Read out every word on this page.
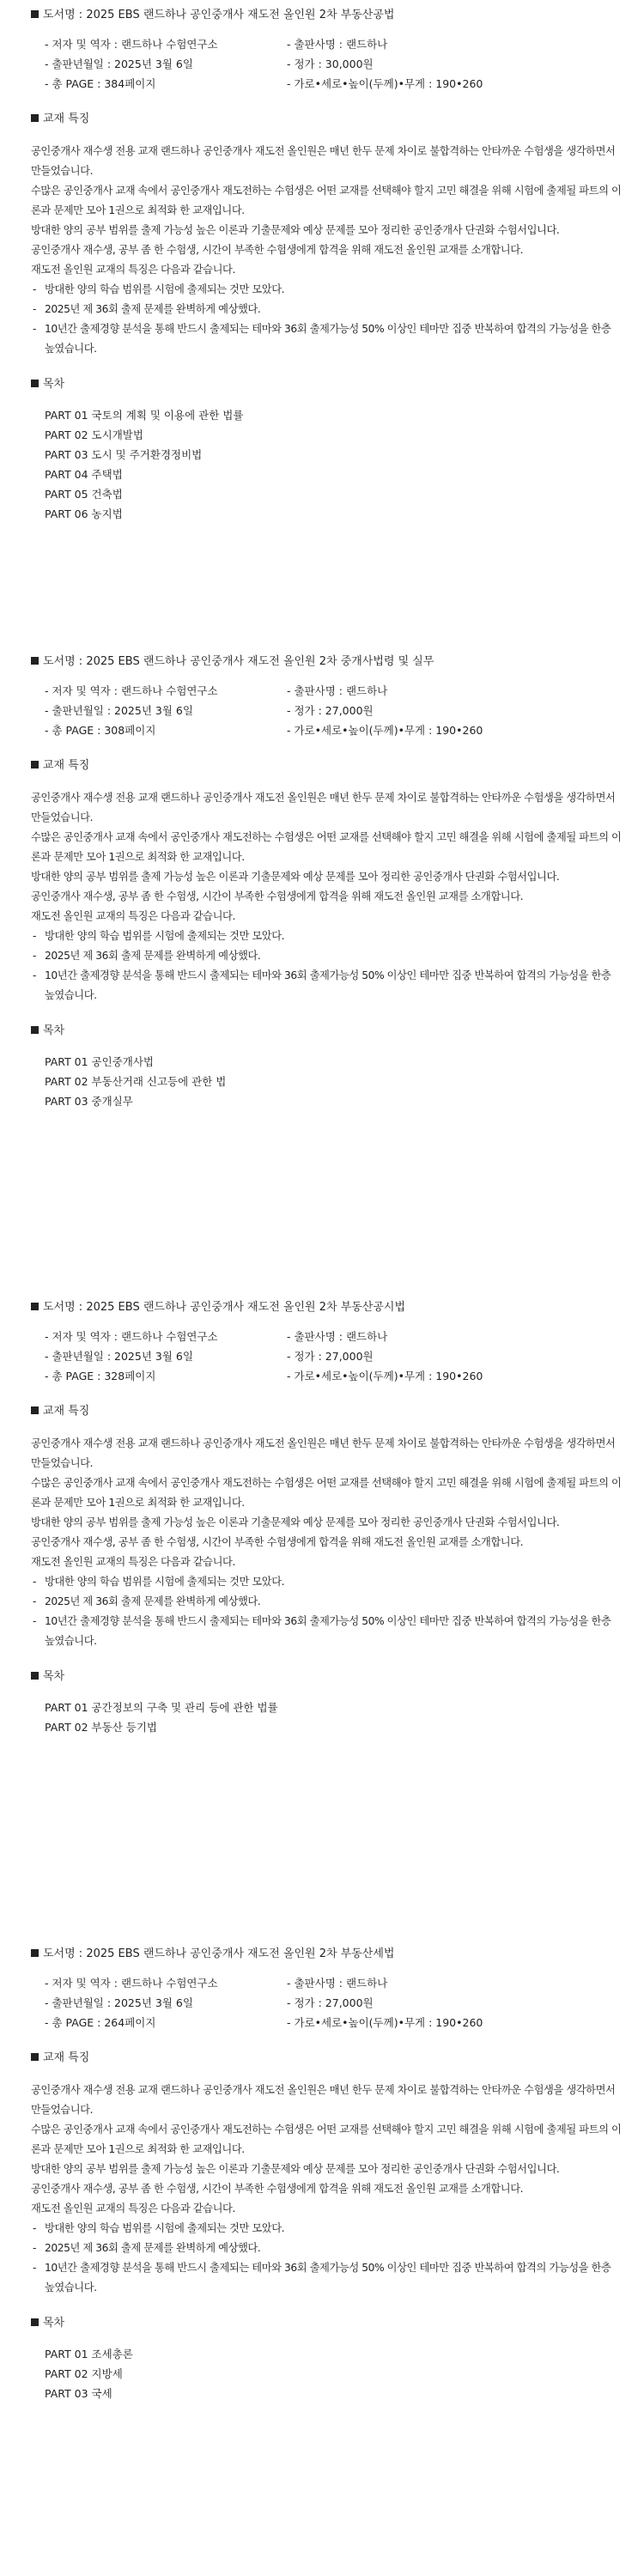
도서명 : 2025 EBS 랜드하나 공인중개사 재도전 올인원 2차 부동산공법
- 저자 및 역자 : 랜드하나 수험연구소	- 출판사명 : 랜드하나
- 출판년월일 : 2025년 3월 6일	- 정가 : 30,000원
- 총 PAGE : 384페이지	- 가로•세로•높이(두께)•무게 : 190•260
교재 특징

공인중개사 재수생 전용 교재 랜드하나 공인중개사 재도전 올인원은 매년 한두 문제 차이로 불합격하는 안타까운 수험생을 생각하면서 만들었습니다.

수많은 공인중개사 교재 속에서 공인중개사 재도전하는 수험생은 어떤 교재를 선택해야 할지 고민 해결을 위해 시험에 출제될 파트의 이론과 문제만 모아 1권으로 최적화 한 교재입니다.

방대한 양의 공부 범위를 출제 가능성 높은 이론과 기출문제와 예상 문제를 모아 정리한 공인중개사 단권화 수험서입니다.

공인중개사 재수생, 공부 좀 한 수험생, 시간이 부족한 수험생에게 합격을 위해 재도전 올인원 교재를 소개합니다.

재도전 올인원 교재의 특징은 다음과 같습니다.

- 방대한 양의 학습 범위를 시험에 출제되는 것만 모았다.

- 2025년 제 36회 출제 문제를 완벽하게 예상했다.

- 10년간 출제경향 분석을 통해 반드시 출제되는 테마와 36회 출제가능성 50% 이상인 테마만 집중 반복하여 합격의 가능성을 한층 높였습니다.

목차
PART 01 국토의 계획 및 이용에 관한 법률
PART 02 도시개발법
PART 03 도시 및 주거환경정비법
PART 04 주택법
PART 05 건축법
PART 06 농지법
도서명 : 2025 EBS 랜드하나 공인중개사 재도전 올인원 2차 중개사법령 및 실무
- 저자 및 역자 : 랜드하나 수험연구소	- 출판사명 : 랜드하나
- 출판년월일 : 2025년 3월 6일	- 정가 : 27,000원
- 총 PAGE : 308페이지	- 가로•세로•높이(두께)•무게 : 190•260
교재 특징

공인중개사 재수생 전용 교재 랜드하나 공인중개사 재도전 올인원은 매년 한두 문제 차이로 불합격하는 안타까운 수험생을 생각하면서 만들었습니다.

수많은 공인중개사 교재 속에서 공인중개사 재도전하는 수험생은 어떤 교재를 선택해야 할지 고민 해결을 위해 시험에 출제될 파트의 이론과 문제만 모아 1권으로 최적화 한 교재입니다.

방대한 양의 공부 범위를 출제 가능성 높은 이론과 기출문제와 예상 문제를 모아 정리한 공인중개사 단권화 수험서입니다.

공인중개사 재수생, 공부 좀 한 수험생, 시간이 부족한 수험생에게 합격을 위해 재도전 올인원 교재를 소개합니다.

재도전 올인원 교재의 특징은 다음과 같습니다.

- 방대한 양의 학습 범위를 시험에 출제되는 것만 모았다.

- 2025년 제 36회 출제 문제를 완벽하게 예상했다.

- 10년간 출제경향 분석을 통해 반드시 출제되는 테마와 36회 출제가능성 50% 이상인 테마만 집중 반복하여 합격의 가능성을 한층 높였습니다.

목차
PART 01 공인중개사법
PART 02 부동산거래 신고등에 관한 법
PART 03 중개실무
도서명 : 2025 EBS 랜드하나 공인중개사 재도전 올인원 2차 부동산공시법
- 저자 및 역자 : 랜드하나 수험연구소	- 출판사명 : 랜드하나
- 출판년월일 : 2025년 3월 6일	- 정가 : 27,000원
- 총 PAGE : 328페이지	- 가로•세로•높이(두께)•무게 : 190•260
교재 특징

공인중개사 재수생 전용 교재 랜드하나 공인중개사 재도전 올인원은 매년 한두 문제 차이로 불합격하는 안타까운 수험생을 생각하면서 만들었습니다.

수많은 공인중개사 교재 속에서 공인중개사 재도전하는 수험생은 어떤 교재를 선택해야 할지 고민 해결을 위해 시험에 출제될 파트의 이론과 문제만 모아 1권으로 최적화 한 교재입니다.

방대한 양의 공부 범위를 출제 가능성 높은 이론과 기출문제와 예상 문제를 모아 정리한 공인중개사 단권화 수험서입니다.

공인중개사 재수생, 공부 좀 한 수험생, 시간이 부족한 수험생에게 합격을 위해 재도전 올인원 교재를 소개합니다.

재도전 올인원 교재의 특징은 다음과 같습니다.

- 방대한 양의 학습 범위를 시험에 출제되는 것만 모았다.

- 2025년 제 36회 출제 문제를 완벽하게 예상했다.

- 10년간 출제경향 분석을 통해 반드시 출제되는 테마와 36회 출제가능성 50% 이상인 테마만 집중 반복하여 합격의 가능성을 한층 높였습니다.

목차
PART 01 공간정보의 구축 및 관리 등에 관한 법률
PART 02 부동산 등기법
도서명 : 2025 EBS 랜드하나 공인중개사 재도전 올인원 2차 부동산세법
- 저자 및 역자 : 랜드하나 수험연구소	- 출판사명 : 랜드하나
- 출판년월일 : 2025년 3월 6일	- 정가 : 27,000원
- 총 PAGE : 264페이지	- 가로•세로•높이(두께)•무게 : 190•260
교재 특징

공인중개사 재수생 전용 교재 랜드하나 공인중개사 재도전 올인원은 매년 한두 문제 차이로 불합격하는 안타까운 수험생을 생각하면서 만들었습니다.

수많은 공인중개사 교재 속에서 공인중개사 재도전하는 수험생은 어떤 교재를 선택해야 할지 고민 해결을 위해 시험에 출제될 파트의 이론과 문제만 모아 1권으로 최적화 한 교재입니다.

방대한 양의 공부 범위를 출제 가능성 높은 이론과 기출문제와 예상 문제를 모아 정리한 공인중개사 단권화 수험서입니다.

공인중개사 재수생, 공부 좀 한 수험생, 시간이 부족한 수험생에게 합격을 위해 재도전 올인원 교재를 소개합니다.

재도전 올인원 교재의 특징은 다음과 같습니다.

- 방대한 양의 학습 범위를 시험에 출제되는 것만 모았다.

- 2025년 제 36회 출제 문제를 완벽하게 예상했다.

- 10년간 출제경향 분석을 통해 반드시 출제되는 테마와 36회 출제가능성 50% 이상인 테마만 집중 반복하여 합격의 가능성을 한층 높였습니다.

목차
PART 01 조세총론
PART 02 지방세
PART 03 국세
